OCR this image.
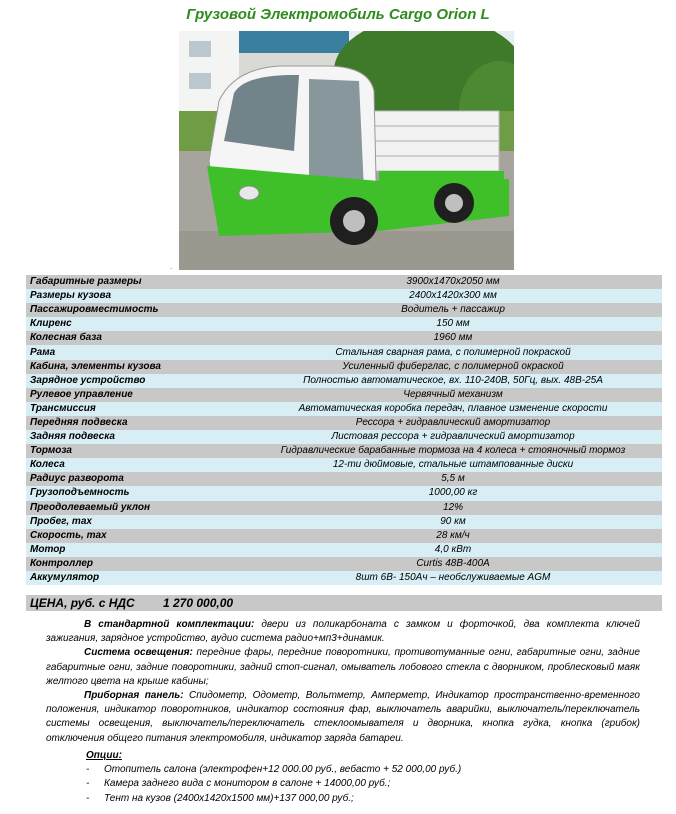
Грузовой Электромобиль Cargo Orion L
.
Габаритные размеры	3900x1470x2050 мм
Размеры кузова	2400x1420x300 мм
Пассажировместимость	Водитель + пассажир
Клиренс	150 мм
Колесная база	1960 мм
Рама	Стальная сварная рама, с полимерной покраской
Кабина, элементы кузова	Усиленный фиберглас, с полимерной окраской
Зарядное устройство	Полностью автоматическое, вх. 110-240В, 50Гц, вых. 48В-25А
Рулевое управление	Червячный механизм
Трансмиссия	Автоматическая коробка передач, плавное изменение скорости
Передняя подвеска	Рессора + гидравлический амортизатор
Задняя подвеска	Листовая рессора + гидравлический амортизатор
Тормоза	Гидравлические барабанные тормоза на 4 колеса + стояночный тормоз
Колеса	12-ти дюймовые, стальные штампованные диски
Радиус разворота	5,5 м
Грузоподъемность	1000,00 кг
Преодолеваемый уклон	12%
Пробег, max	90 км
Скорость, max	28 км/ч
Мотор	4,0 кВт
Контроллер	Curtis 48В-400А
Аккумулятор	8шт 6В- 150Ач – необслуживаемые AGM
ЦЕНА, руб. с НДС 1 270 000,00

В стандартной комплектации: двери из поликарбоната с замком и форточкой, два комплекта ключей зажигания, зарядное устройство, аудио система радио+мп3+динамик.

Система освещения: передние фары, передние поворотники, противотуманные огни, габаритные огни, задние габаритные огни, задние поворотники, задний стоп-сигнал, омыватель лобового стекла с дворником, проблесковый маяк желтого цвета на крыше кабины;

Приборная панель: Спидометр, Одометр, Вольтметр, Амперметр, Индикатор пространственно-временного положения, индикатор поворотников, индикатор состояния фар, выключатель аварийки, выключатель/переключатель системы освещения, выключатель/переключатель стеклоомывателя и дворника, кнопка гудка, кнопка (грибок) отключения общего питания электромобиля, индикатор заряда батареи.

Опции:
- Отопитель салона (электрофен+12 000.00 руб., вебасто + 52 000,00 руб.)
- Камера заднего вида с монитором в салоне + 14000,00 руб.;
- Тент на кузов (2400х1420х1500 мм)+137 000,00 руб.;
